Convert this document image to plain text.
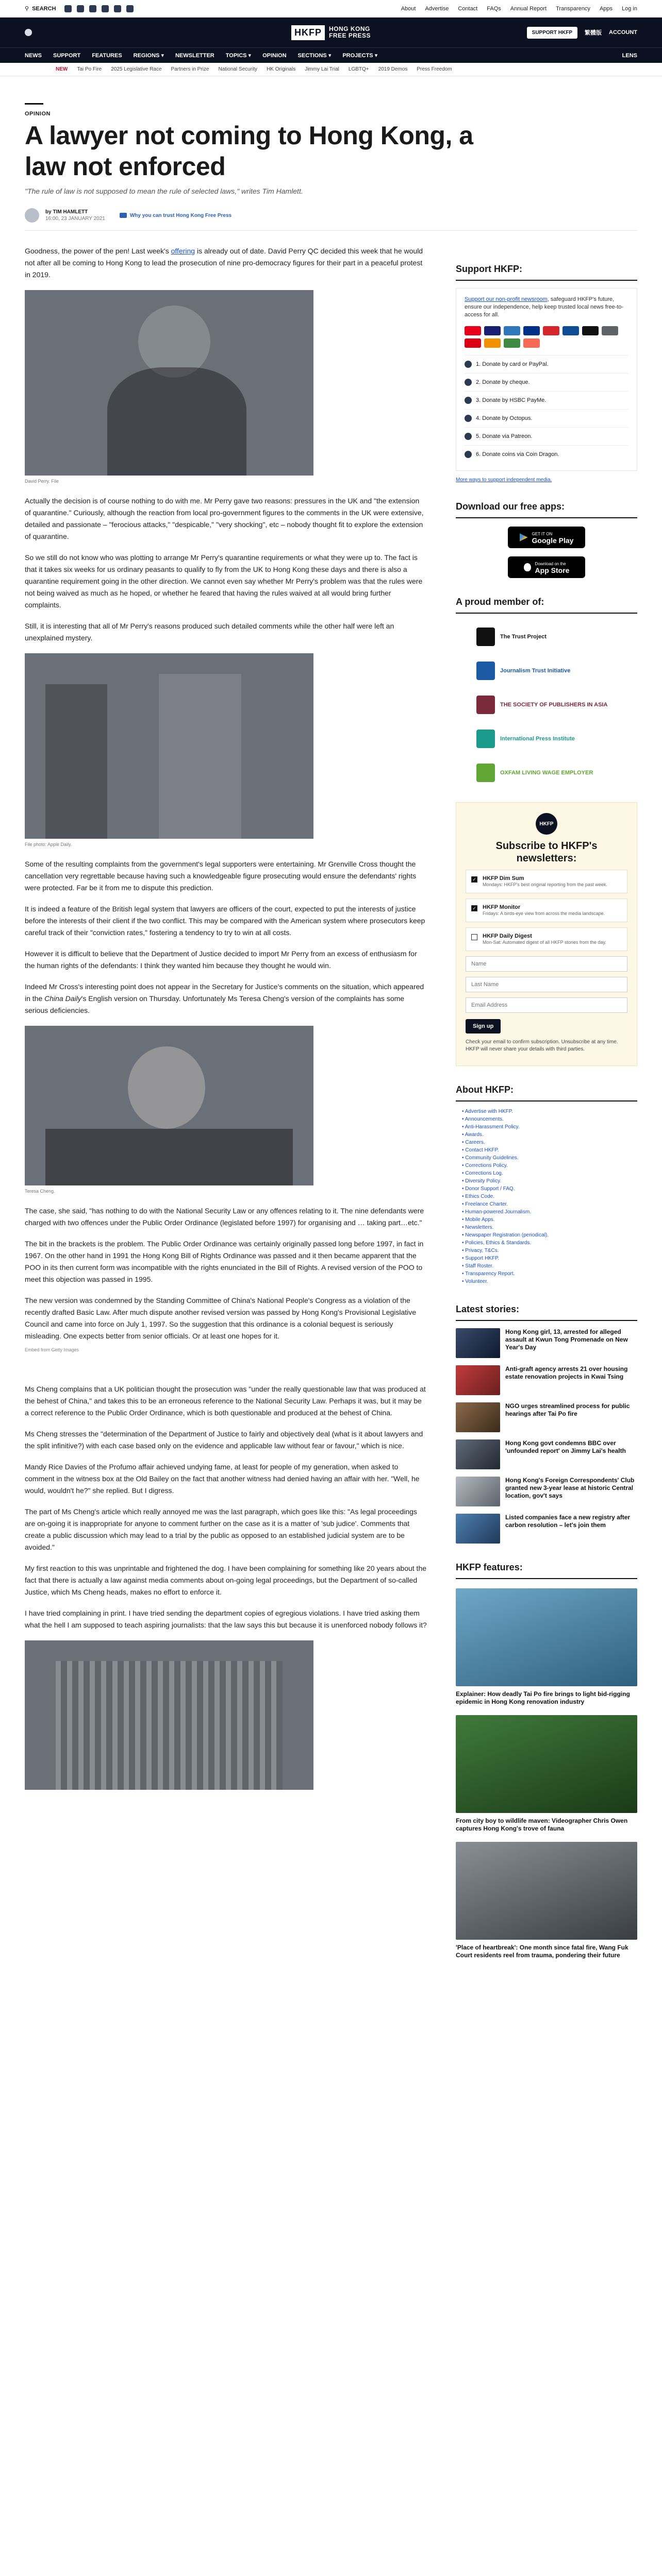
⚲ SEARCH	About Advertise Contact FAQs Annual Report Transparency Apps Log in
HKFP	HONG KONG
FREE PRESS	SUPPORT HKFP	繁體版 ACCOUNT
NEWS SUPPORT FEATURES REGIONS ▾ NEWSLETTER TOPICS ▾ OPINION SECTIONS ▾ PROJECTS ▾	LENS
NEW Tai Po Fire 2025 Legislative Race Partners in Prize National Security HK Originals Jimmy Lai Trial LGBTQ+ 2019 Demos Press Freedom
OPINION
A lawyer not coming to Hong Kong, a law not enforced
"The rule of law is not supposed to mean the rule of selected laws," writes Tim Hamlett.
by TIM HAMLETT
16:00, 23 JANUARY 2021
Why you can trust Hong Kong Free Press

Goodness, the power of the pen! Last week's offering is already out of date. David Perry QC decided this week that he would not after all be coming to Hong Kong to lead the prosecution of nine pro-democracy figures for their part in a peaceful protest in 2019.

David Perry. File

Actually the decision is of course nothing to do with me. Mr Perry gave two reasons: pressures in the UK and "the extension of quarantine." Curiously, although the reaction from local pro-government figures to the comments in the UK were extensive, detailed and passionate – "ferocious attacks," "despicable," "very shocking", etc – nobody thought fit to explore the extension of quarantine.

So we still do not know who was plotting to arrange Mr Perry's quarantine requirements or what they were up to. The fact is that it takes six weeks for us ordinary peasants to qualify to fly from the UK to Hong Kong these days and there is also a quarantine requirement going in the other direction. We cannot even say whether Mr Perry's problem was that the rules were not being waived as much as he hoped, or whether he feared that having the rules waived at all would bring further complaints.

Still, it is interesting that all of Mr Perry's reasons produced such detailed comments while the other half were left an unexplained mystery.

File photo: Apple Daily.

Some of the resulting complaints from the government's legal supporters were entertaining. Mr Grenville Cross thought the cancellation very regrettable because having such a knowledgeable figure prosecuting would ensure the defendants' rights were protected. Far be it from me to dispute this prediction.

It is indeed a feature of the British legal system that lawyers are officers of the court, expected to put the interests of justice before the interests of their client if the two conflict. This may be compared with the American system where prosecutors keep careful track of their "conviction rates," fostering a tendency to try to win at all costs.

However it is difficult to believe that the Department of Justice decided to import Mr Perry from an excess of enthusiasm for the human rights of the defendants: I think they wanted him because they thought he would win.

Indeed Mr Cross's interesting point does not appear in the Secretary for Justice's comments on the situation, which appeared in the China Daily's English version on Thursday. Unfortunately Ms Teresa Cheng's version of the complaints has some serious deficiencies.

Teresa Cheng.

The case, she said, "has nothing to do with the National Security Law or any offences relating to it. The nine defendants were charged with two offences under the Public Order Ordinance (legislated before 1997) for organising and … taking part…etc."

The bit in the brackets is the problem. The Public Order Ordinance was certainly originally passed long before 1997, in fact in 1967. On the other hand in 1991 the Hong Kong Bill of Rights Ordinance was passed and it then became apparent that the POO in its then current form was incompatible with the rights enunciated in the Bill of Rights. A revised version of the POO to meet this objection was passed in 1995.

The new version was condemned by the Standing Committee of China's National People's Congress as a violation of the recently drafted Basic Law. After much dispute another revised version was passed by Hong Kong's Provisional Legislative Council and came into force on July 1, 1997. So the suggestion that this ordinance is a colonial bequest is seriously misleading. One expects better from senior officials. Or at least one hopes for it.

Embed from Getty Images

Ms Cheng complains that a UK politician thought the prosecution was "under the really questionable law that was produced at the behest of China," and takes this to be an erroneous reference to the National Security Law. Perhaps it was, but it may be a correct reference to the Public Order Ordinance, which is both questionable and produced at the behest of China.

Ms Cheng stresses the "determination of the Department of Justice to fairly and objectively deal (what is it about lawyers and the split infinitive?) with each case based only on the evidence and applicable law without fear or favour," which is nice.

Mandy Rice Davies of the Profumo affair achieved undying fame, at least for people of my generation, when asked to comment in the witness box at the Old Bailey on the fact that another witness had denied having an affair with her. "Well, he would, wouldn't he?" she replied. But I digress.

The part of Ms Cheng's article which really annoyed me was the last paragraph, which goes like this: "As legal proceedings are on-going it is inappropriate for anyone to comment further on the case as it is a matter of 'sub judice'. Comments that create a public discussion which may lead to a trial by the public as opposed to an established judicial system are to be avoided."

My first reaction to this was unprintable and frightened the dog. I have been complaining for something like 20 years about the fact that there is actually a law against media comments about on-going legal proceedings, but the Department of so-called Justice, which Ms Cheng heads, makes no effort to enforce it.

I have tried complaining in print. I have tried sending the department copies of egregious violations. I have tried asking them what the hell I am supposed to teach aspiring journalists: that the law says this but because it is unenforced nobody follows it?

Support HKFP:
Support our non-profit newsroom, safeguard HKFP's future, ensure our independence, help keep trusted local news free-to-access for all.
1. Donate by card or PayPal.
2. Donate by cheque.
3. Donate by HSBC PayMe.
4. Donate by Octopus.
5. Donate via Patreon.
6. Donate coins via Coin Dragon.
More ways to support independent media.
Download our free apps:
GET IT ON
Google Play
Download on the
App Store
A proud member of:
The Trust Project
Journalism Trust Initiative
THE SOCIETY OF PUBLISHERS IN ASIA
International Press Institute
OXFAM LIVING WAGE EMPLOYER
HKFP
Subscribe to HKFP's newsletters:
✓ HKFP Dim Sum
Mondays: HKFP's best original reporting from the past week.
✓ HKFP Monitor
Fridays: A birds-eye view from across the media landscape.
HKFP Daily Digest
Mon-Sat: Automated digest of all HKFP stories from the day.
Name Last Name Email Address Sign up
Check your email to confirm subscription. Unsubscribe at any time. HKFP will never share your details with third parties.
About HKFP:
• Advertise with HKFP.
• Announcements.
• Anti-Harassment Policy.
• Awards.
• Careers.
• Contact HKFP.
• Community Guidelines.
• Corrections Policy.
• Corrections Log.
• Diversity Policy.
• Donor Support / FAQ.
• Ethics Code.
• Freelance Charter.
• Human-powered Journalism.
• Mobile Apps.
• Newsletters.
• Newspaper Registration (periodical).
• Policies, Ethics & Standards.
• Privacy, T&Cs.
• Support HKFP.
• Staff Roster.
• Transparency Report.
• Volunteer.
Latest stories:
Hong Kong girl, 13, arrested for alleged assault at Kwun Tong Promenade on New Year's Day
Anti-graft agency arrests 21 over housing estate renovation projects in Kwai Tsing
NGO urges streamlined process for public hearings after Tai Po fire
Hong Kong govt condemns BBC over 'unfounded report' on Jimmy Lai's health
Hong Kong's Foreign Correspondents' Club granted new 3-year lease at historic Central location, gov't says
Listed companies face a new registry after carbon resolution – let's join them
HKFP features:
Explainer: How deadly Tai Po fire brings to light bid-rigging epidemic in Hong Kong renovation industry
From city boy to wildlife maven: Videographer Chris Owen captures Hong Kong's trove of fauna
'Place of heartbreak': One month since fatal fire, Wang Fuk Court residents reel from trauma, pondering their future
